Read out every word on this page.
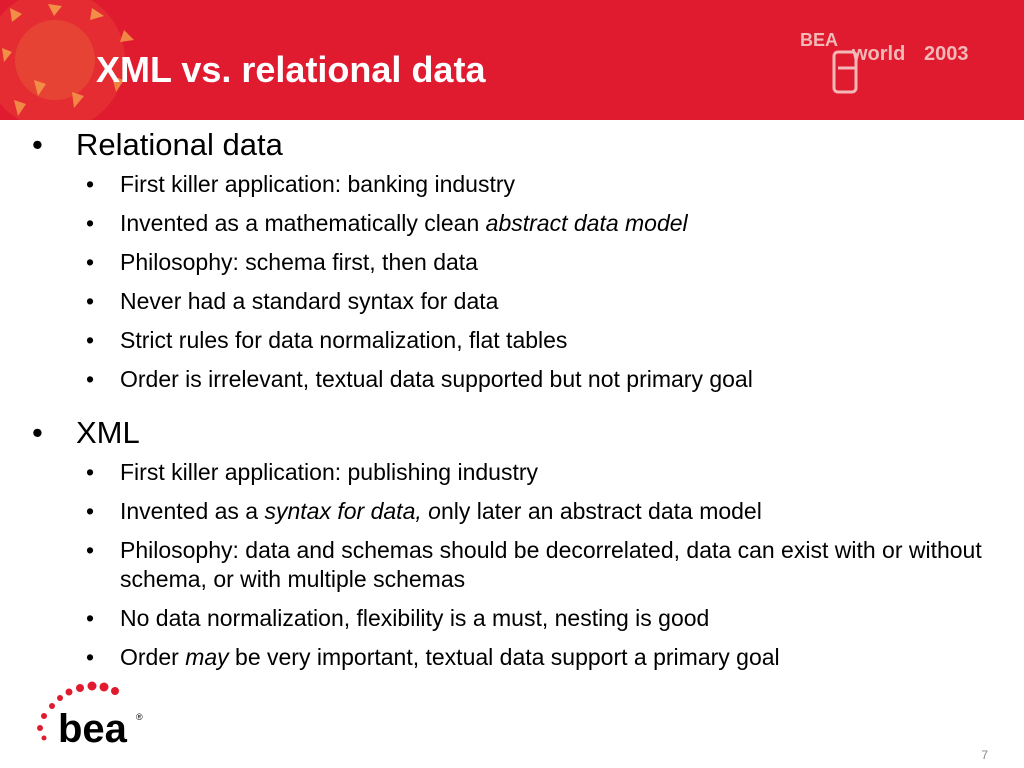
XML vs. relational data
BEA
world 2003
• Relational data
• First killer application: banking industry
• Invented as a mathematically clean abstract data model
• Philosophy: schema first, then data
• Never had a standard syntax for data
• Strict rules for data normalization, flat tables
• Order is irrelevant, textual data supported but not primary goal
• XML
• First killer application: publishing industry
• Invented as a syntax for data, only later an abstract data model
• Philosophy: data and schemas should be decorrelated, data can exist with or without schema, or with multiple schemas
• No data normalization, flexibility is a must, nesting is good
• Order may be very important, textual data support a primary goal
bea ®
7
